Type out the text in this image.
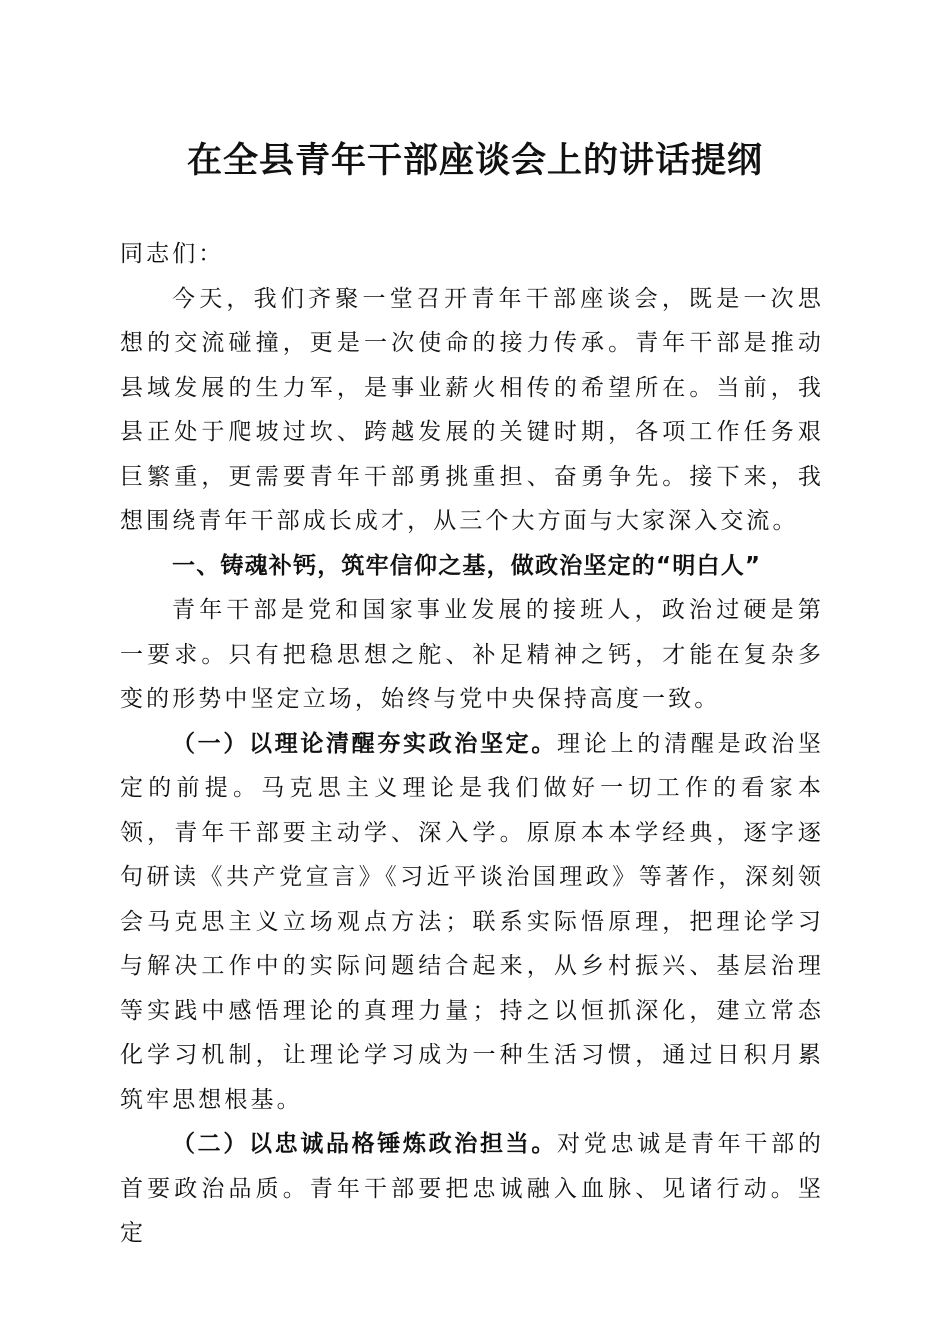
在全县青年干部座谈会上的讲话提纲

同志们：

今天，我们齐聚一堂召开青年干部座谈会，既是一次思想的交流碰撞，更是一次使命的接力传承。青年干部是推动县域发展的生力军，是事业薪火相传的希望所在。当前，我县正处于爬坡过坎、跨越发展的关键时期，各项工作任务艰巨繁重，更需要青年干部勇挑重担、奋勇争先。接下来，我想围绕青年干部成长成才，从三个大方面与大家深入交流。

一、铸魂补钙，筑牢信仰之基，做政治坚定的“明白人”

青年干部是党和国家事业发展的接班人，政治过硬是第一要求。只有把稳思想之舵、补足精神之钙，才能在复杂多变的形势中坚定立场，始终与党中央保持高度一致。

（一）以理论清醒夯实政治坚定。理论上的清醒是政治坚定的前提。马克思主义理论是我们做好一切工作的看家本领，青年干部要主动学、深入学。原原本本学经典，逐字逐句研读《共产党宣言》《习近平谈治国理政》等著作，深刻领会马克思主义立场观点方法；联系实际悟原理，把理论学习与解决工作中的实际问题结合起来，从乡村振兴、基层治理等实践中感悟理论的真理力量；持之以恒抓深化，建立常态化学习机制，让理论学习成为一种生活习惯，通过日积月累筑牢思想根基。

（二）以忠诚品格锤炼政治担当。对党忠诚是青年干部的首要政治品质。青年干部要把忠诚融入血脉、见诸行动。坚定
